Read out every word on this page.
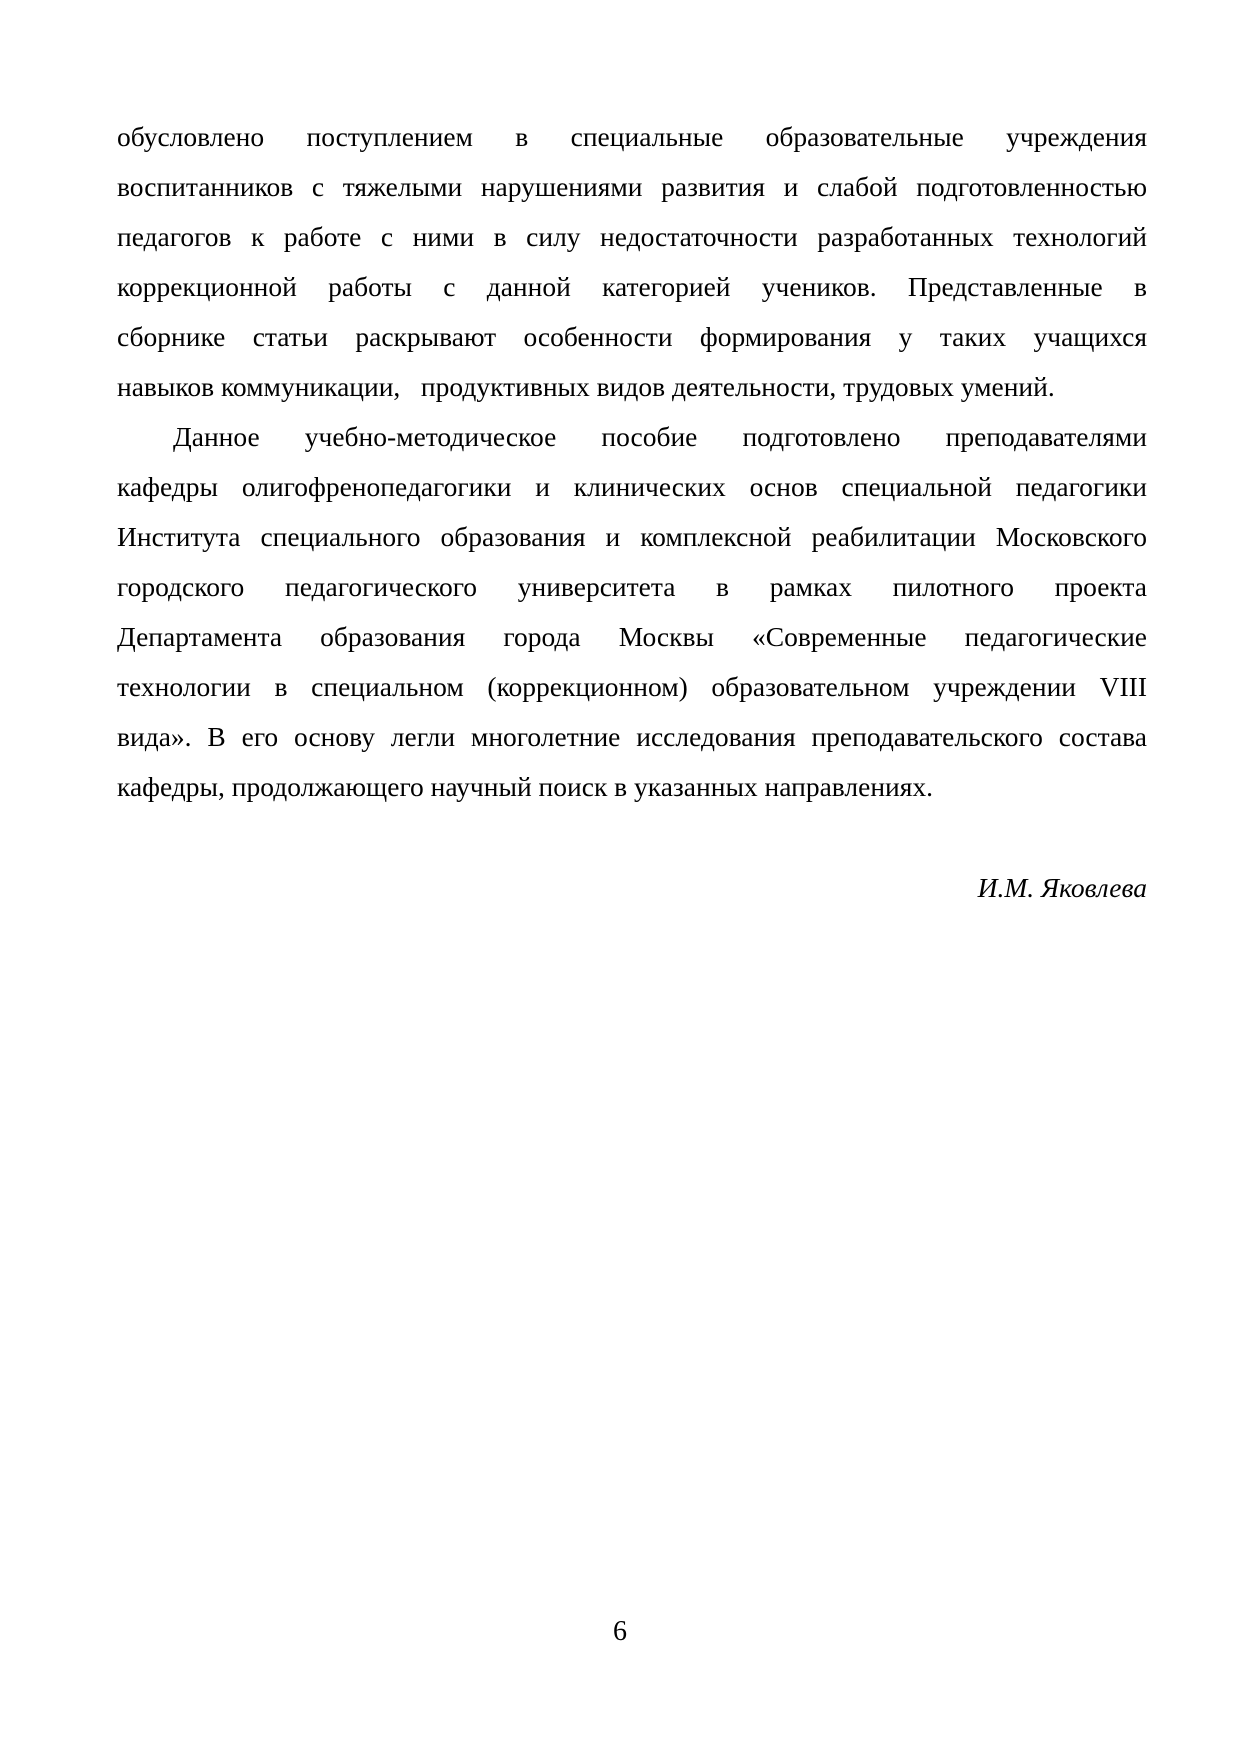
обусловлено поступлением в специальные образовательные учреждения
воспитанников с тяжелыми нарушениями развития и слабой подготовленностью
педагогов к работе с ними в силу недостаточности разработанных технологий
коррекционной работы с данной категорией учеников. Представленные в
сборнике статьи раскрывают особенности формирования у таких учащихся
навыков коммуникации,   продуктивных видов деятельности, трудовых умений.
Данное учебно-методическое пособие подготовлено преподавателями
кафедры олигофренопедагогики и клинических основ специальной педагогики
Института специального образования и комплексной реабилитации Московского
городского педагогического университета в рамках пилотного проекта
Департамента образования города Москвы «Современные педагогические
технологии в специальном (коррекционном) образовательном учреждении VIII
вида». В его основу легли многолетние исследования преподавательского состава
кафедры, продолжающего научный поиск в указанных направлениях.
И.М. Яковлева
6
